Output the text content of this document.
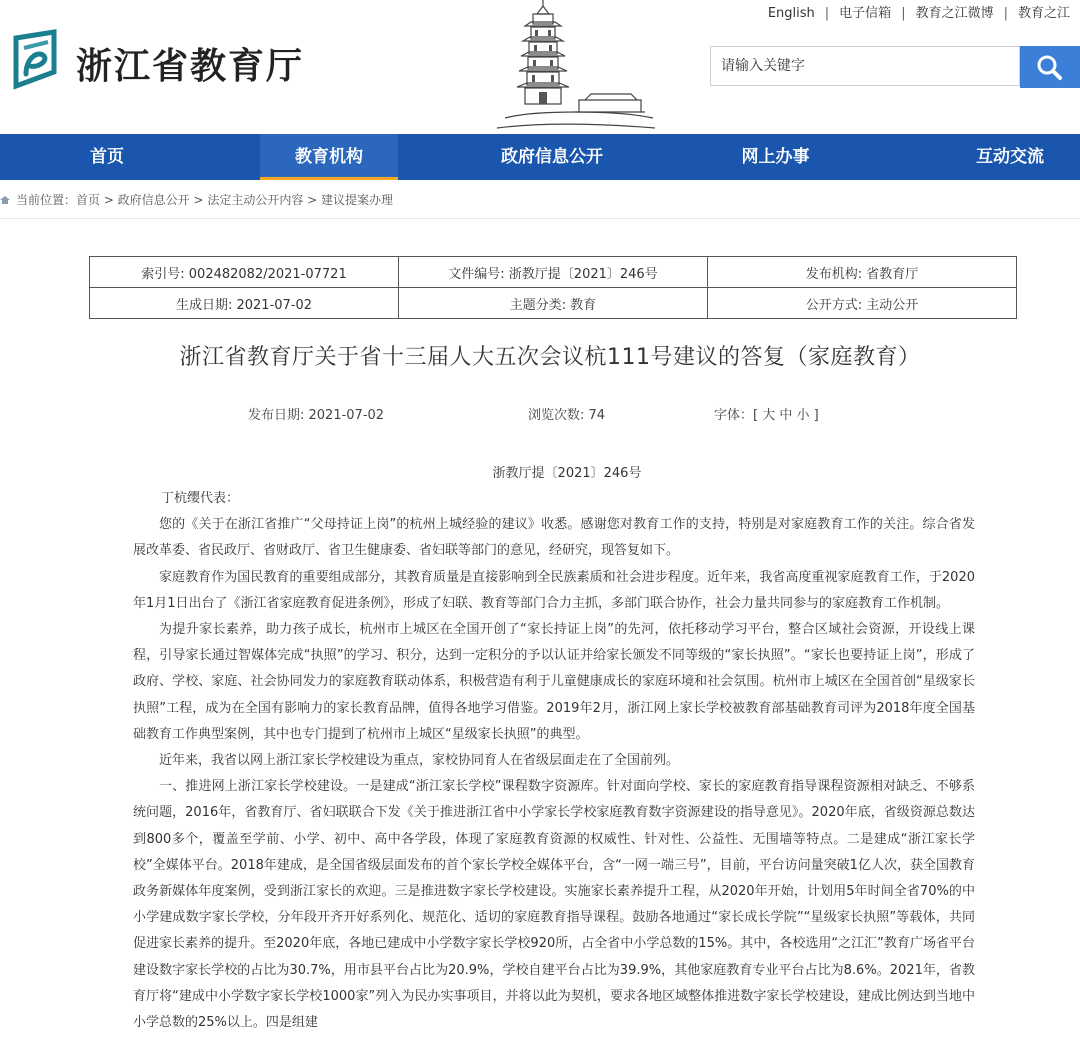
浙江省教育厅
English | 电子信箱 | 教育之江微博 | 教育之江
请输入关键字
首页	教育机构	政府信息公开	网上办事	互动交流
当前位置：首页 > 政府信息公开 > 法定主动公开内容 > 建议提案办理
索引号: 002482082/2021-07721	文件编号: 浙教厅提〔2021〕246号	发布机构: 省教育厅
生成日期: 2021-07-02	主题分类: 教育	公开方式: 主动公开
浙江省教育厅关于省十三届人大五次会议杭111号建议的答复（家庭教育）
发布日期: 2021-07-02	浏览次数: 74	字体：[ 大 中 小 ]
浙教厅提〔2021〕246号

丁杭缨代表：

您的《关于在浙江省推广“父母持证上岗”的杭州上城经验的建议》收悉。感谢您对教育工作的支持，特别是对家庭教育工作的关注。综合省发展改革委、省民政厅、省财政厅、省卫生健康委、省妇联等部门的意见，经研究，现答复如下。

家庭教育作为国民教育的重要组成部分，其教育质量是直接影响到全民族素质和社会进步程度。近年来，我省高度重视家庭教育工作，于2020年1月1日出台了《浙江省家庭教育促进条例》，形成了妇联、教育等部门合力主抓，多部门联合协作，社会力量共同参与的家庭教育工作机制。

为提升家长素养，助力孩子成长，杭州市上城区在全国开创了“家长持证上岗”的先河，依托移动学习平台，整合区域社会资源，开设线上课程，引导家长通过智媒体完成“执照”的学习、积分，达到一定积分的予以认证并给家长颁发不同等级的“家长执照”。“家长也要持证上岗”，形成了政府、学校、家庭、社会协同发力的家庭教育联动体系，积极营造有利于儿童健康成长的家庭环境和社会氛围。杭州市上城区在全国首创“星级家长执照”工程，成为在全国有影响力的家长教育品牌，值得各地学习借鉴。2019年2月，浙江网上家长学校被教育部基础教育司评为2018年度全国基础教育工作典型案例，其中也专门提到了杭州市上城区“星级家长执照”的典型。

近年来，我省以网上浙江家长学校建设为重点，家校协同育人在省级层面走在了全国前列。

一、推进网上浙江家长学校建设。一是建成“浙江家长学校”课程数字资源库。针对面向学校、家长的家庭教育指导课程资源相对缺乏、不够系统问题，2016年，省教育厅、省妇联联合下发《关于推进浙江省中小学家长学校家庭教育数字资源建设的指导意见》。2020年底，省级资源总数达到800多个，覆盖至学前、小学、初中、高中各学段，体现了家庭教育资源的权威性、针对性、公益性、无围墙等特点。二是建成“浙江家长学校”全媒体平台。2018年建成，是全国省级层面发布的首个家长学校全媒体平台，含“一网一端三号”，目前，平台访问量突破1亿人次，获全国教育政务新媒体年度案例，受到浙江家长的欢迎。三是推进数字家长学校建设。实施家长素养提升工程，从2020年开始，计划用5年时间全省70%的中小学建成数字家长学校，分年段开齐开好系列化、规范化、适切的家庭教育指导课程。鼓励各地通过“家长成长学院”“星级家长执照”等载体，共同促进家长素养的提升。至2020年底，各地已建成中小学数字家长学校920所，占全省中小学总数的15%。其中，各校选用“之江汇”教育广场省平台建设数字家长学校的占比为30.7%，用市县平台占比为20.9%，学校自建平台占比为39.9%，其他家庭教育专业平台占比为8.6%。2021年，省教育厅将“建成中小学数字家长学校1000家”列入为民办实事项目，并将以此为契机，要求各地区域整体推进数字家长学校建设，建成比例达到当地中小学总数的25%以上。四是组建
